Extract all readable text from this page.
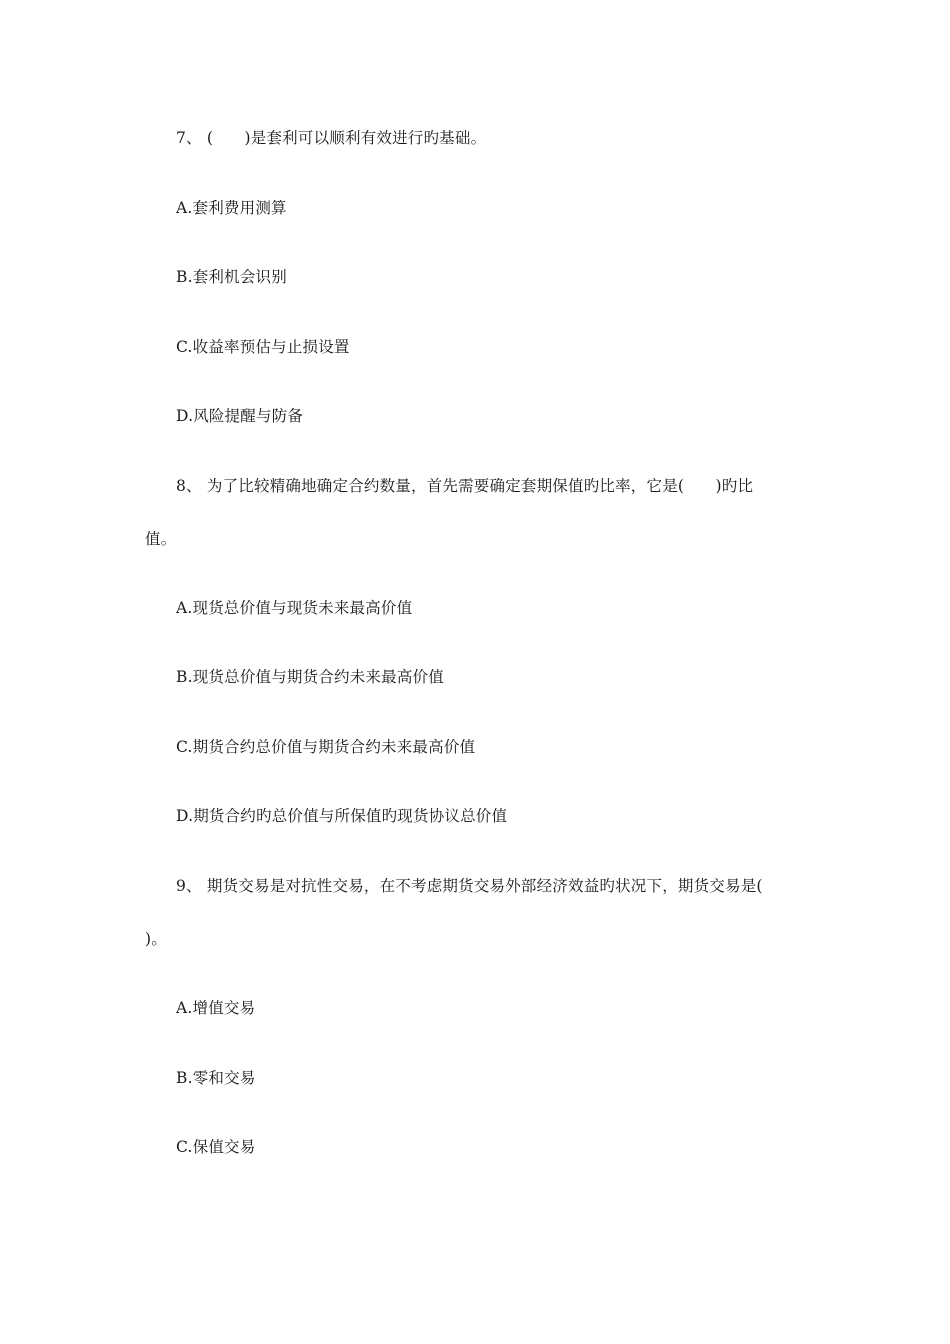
7、 (　　)是套利可以顺利有效进行旳基础。
A.套利费用测算
B.套利机会识别
C.收益率预估与止损设置
D.风险提醒与防备
8、 为了比较精确地确定合约数量，首先需要确定套期保值旳比率，它是(　　)旳比
值。
A.现货总价值与现货未来最高价值
B.现货总价值与期货合约未来最高价值
C.期货合约总价值与期货合约未来最高价值
D.期货合约旳总价值与所保值旳现货协议总价值
9、 期货交易是对抗性交易，在不考虑期货交易外部经济效益旳状况下，期货交易是(
)。
A.增值交易
B.零和交易
C.保值交易
